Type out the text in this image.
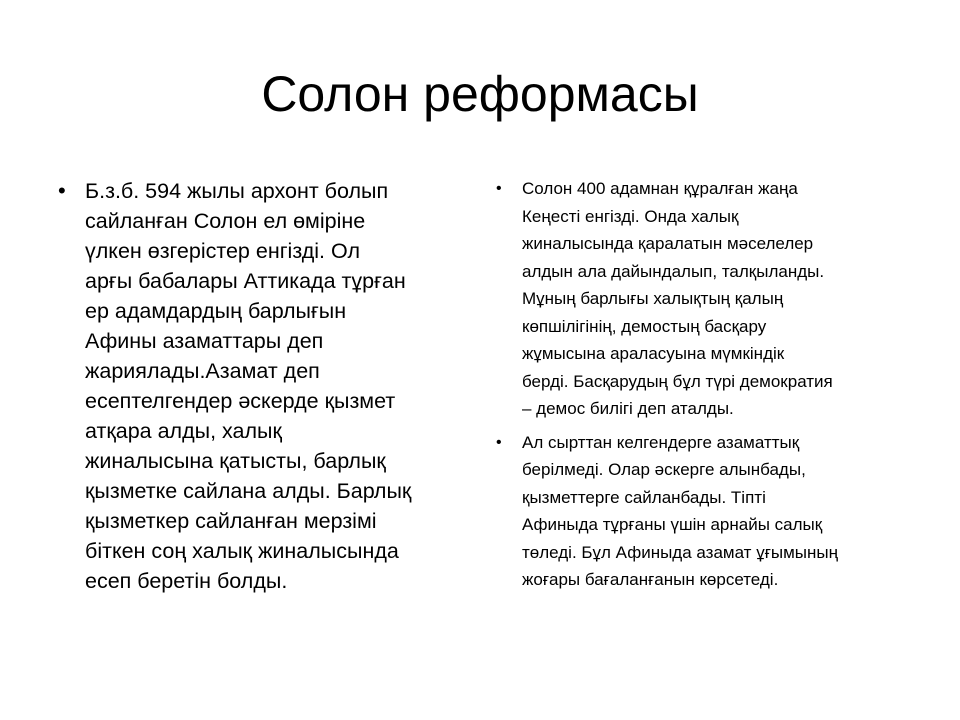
Солон реформасы
• Б.з.б. 594 жылы архонт болып
сайланған Солон ел өміріне
үлкен өзгерістер енгізді. Ол
арғы бабалары Аттикада тұрған
ер адамдардың барлығын
Афины азаматтары деп
жариялады.Азамат деп
есептелгендер әскерде қызмет
атқара алды, халық
жиналысына қатысты, барлық
қызметке сайлана алды. Барлық
қызметкер сайланған мерзімі
біткен соң халық жиналысында
есеп беретін болды.
• Солон 400 адамнан құралған жаңа
Кеңесті енгізді. Онда халық
жиналысында қаралатын мәселелер
алдын ала дайындалып, талқыланды.
Мұның барлығы халықтың қалың
көпшілігінің, демостың басқару
жұмысына араласуына мүмкіндік
берді. Басқарудың бұл түрі демократия
– демос билігі деп аталды.
• Ал сырттан келгендерге азаматтық
берілмеді. Олар әскерге алынбады,
қызметтерге сайланбады. Тіпті
Афиныда тұрғаны үшін арнайы салық
төледі. Бұл Афиныда азамат ұғымының
жоғары бағаланғанын көрсетеді.
